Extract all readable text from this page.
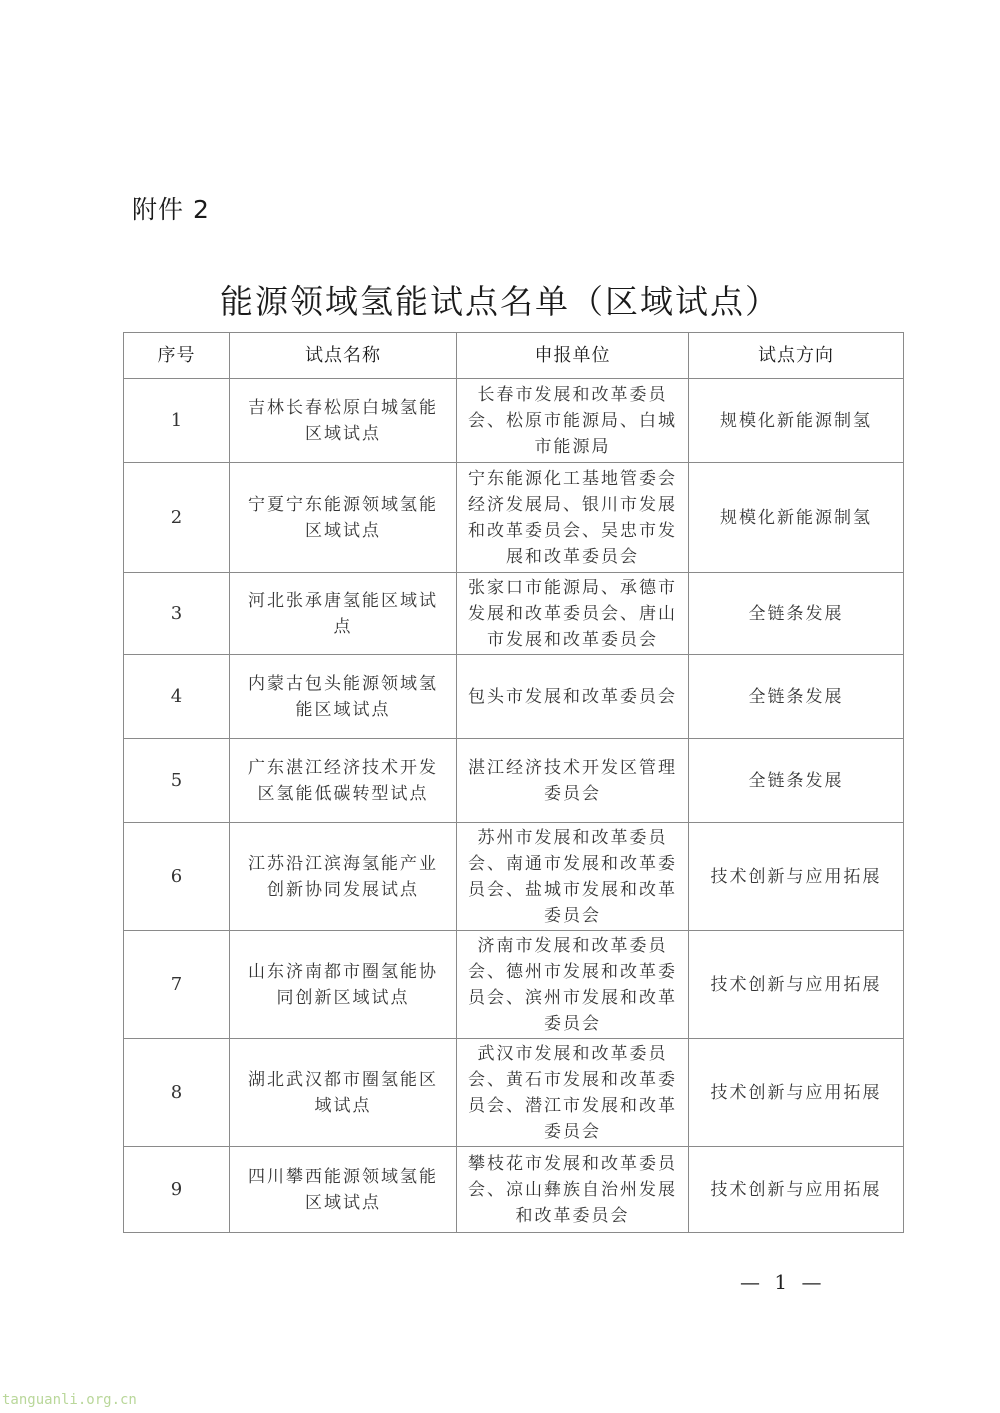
附件 2
能源领域氢能试点名单（区域试点）
序号	试点名称	申报单位	试点方向
1	吉林长春松原白城氢能区域试点	长春市发展和改革委员会、松原市能源局、白城市能源局	规模化新能源制氢
2	宁夏宁东能源领域氢能区域试点	宁东能源化工基地管委会经济发展局、银川市发展和改革委员会、吴忠市发展和改革委员会	规模化新能源制氢
3	河北张承唐氢能区域试点	张家口市能源局、承德市发展和改革委员会、唐山市发展和改革委员会	全链条发展
4	内蒙古包头能源领域氢能区域试点	包头市发展和改革委员会	全链条发展
5	广东湛江经济技术开发区氢能低碳转型试点	湛江经济技术开发区管理委员会	全链条发展
6	江苏沿江滨海氢能产业创新协同发展试点	苏州市发展和改革委员会、南通市发展和改革委员会、盐城市发展和改革委员会	技术创新与应用拓展
7	山东济南都市圈氢能协同创新区域试点	济南市发展和改革委员会、德州市发展和改革委员会、滨州市发展和改革委员会	技术创新与应用拓展
8	湖北武汉都市圈氢能区域试点	武汉市发展和改革委员会、黄石市发展和改革委员会、潜江市发展和改革委员会	技术创新与应用拓展
9	四川攀西能源领域氢能区域试点	攀枝花市发展和改革委员会、凉山彝族自治州发展和改革委员会	技术创新与应用拓展
— 1 —
tanguanli.org.cn
